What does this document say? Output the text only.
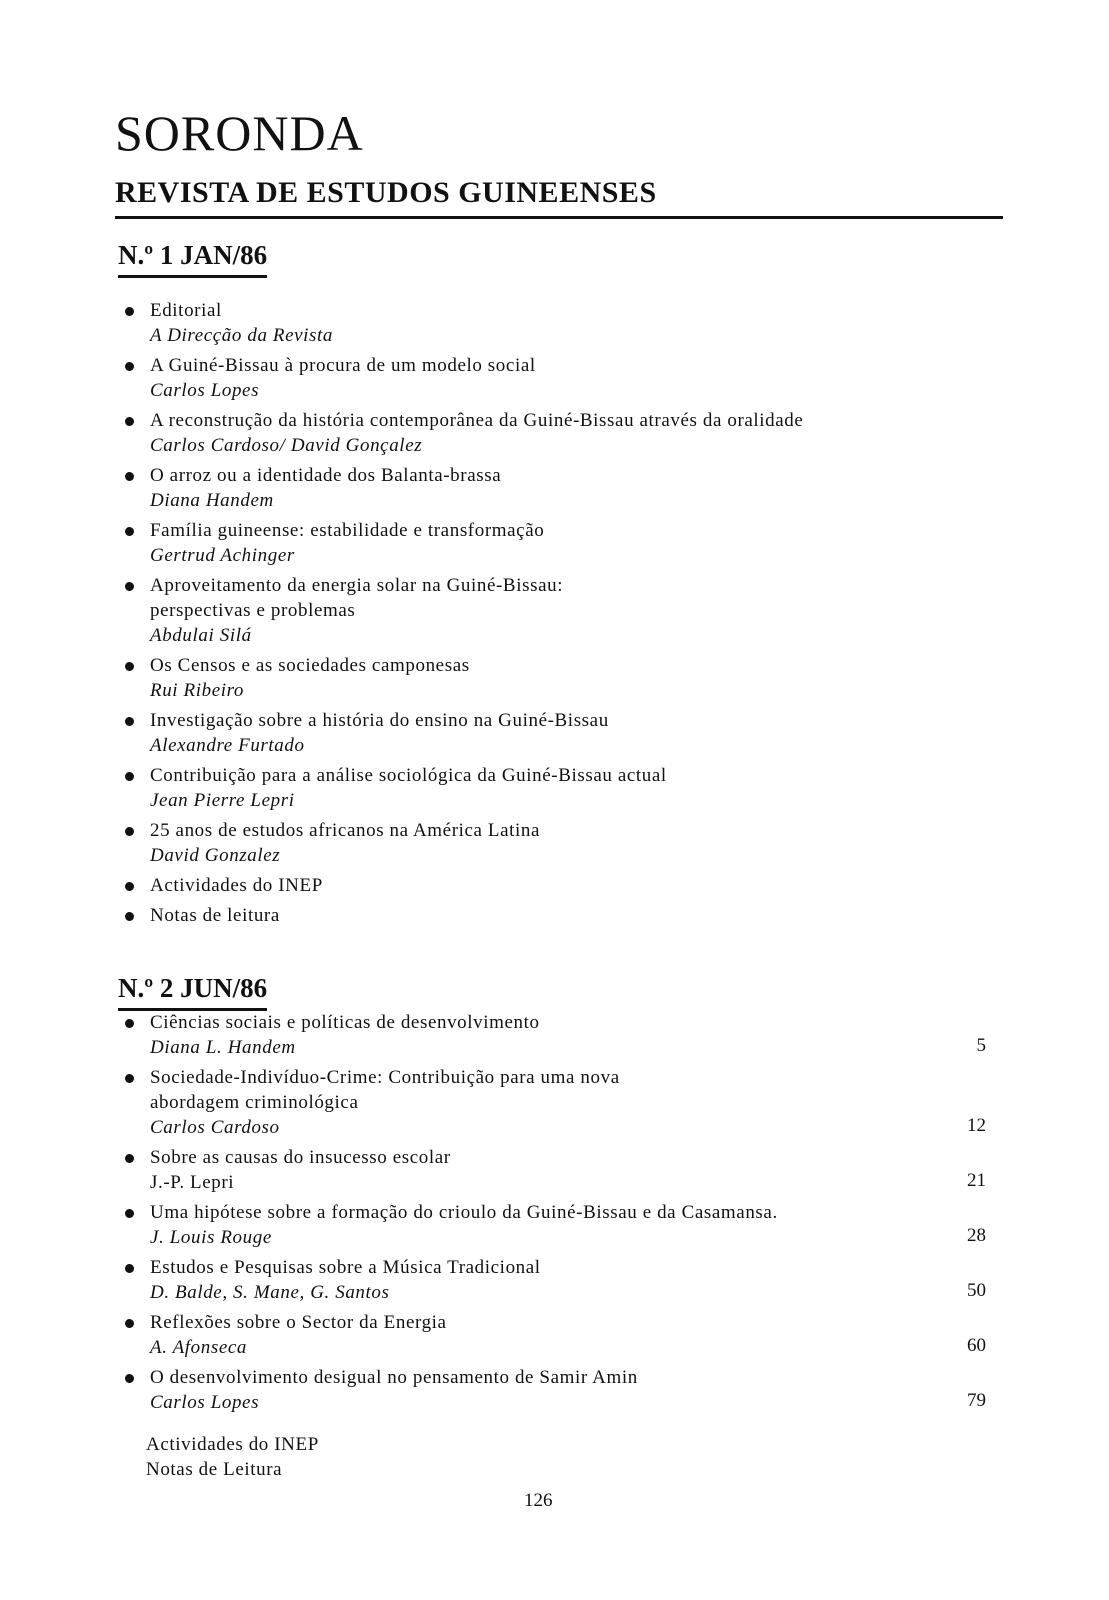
SORONDA
REVISTA DE ESTUDOS GUINEENSES
N.º 1 JAN/86
Editorial
A Direcção da Revista
A Guiné-Bissau à procura de um modelo social
Carlos Lopes
A reconstrução da história contemporânea da Guiné-Bissau através da oralidade
Carlos Cardoso/ David Gonçalez
O arroz ou a identidade dos Balanta-brassa
Diana Handem
Família guineense: estabilidade e transformação
Gertrud Achinger
Aproveitamento da energia solar na Guiné-Bissau:
perspectivas e problemas
Abdulai Silá
Os Censos e as sociedades camponesas
Rui Ribeiro
Investigação sobre a história do ensino na Guiné-Bissau
Alexandre Furtado
Contribuição para a análise sociológica da Guiné-Bissau actual
Jean Pierre Lepri
25 anos de estudos africanos na América Latina
David Gonzalez
Actividades do INEP
Notas de leitura
N.º 2 JUN/86
Ciências sociais e políticas de desenvolvimento
Diana L. Handem	5
Sociedade-Indivíduo-Crime: Contribuição para uma nova
abordagem criminológica
Carlos Cardoso	12
Sobre as causas do insucesso escolar
J.-P. Lepri	21
Uma hipótese sobre a formação do crioulo da Guiné-Bissau e da Casamansa.
J. Louis Rouge	28
Estudos e Pesquisas sobre a Música Tradicional
D. Balde, S. Mane, G. Santos	50
Reflexões sobre o Sector da Energia
A. Afonseca	60
O desenvolvimento desigual no pensamento de Samir Amin
Carlos Lopes	79
Actividades do INEP
Notas de Leitura
126
